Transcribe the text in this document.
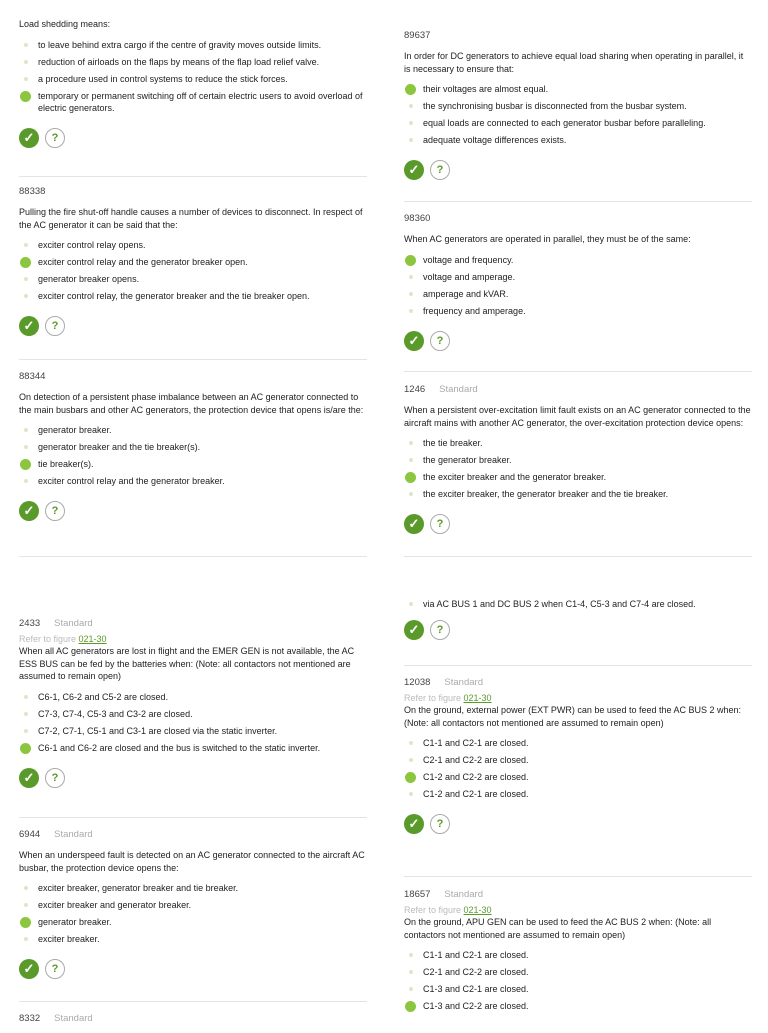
Load shedding means:
to leave behind extra cargo if the centre of gravity moves outside limits.
reduction of airloads on the flaps by means of the flap load relief valve.
a procedure used in control systems to reduce the stick forces.
temporary or permanent switching off of certain electric users to avoid overload of electric generators.
✓	?
88338
Pulling the fire shut-off handle causes a number of devices to disconnect. In respect of the AC generator it can be said that the:
exciter control relay opens.
exciter control relay and the generator breaker open.
generator breaker opens.
exciter control relay, the generator breaker and the tie breaker open.
✓	?
88344
On detection of a persistent phase imbalance between an AC generator connected to the main busbars and other AC generators, the protection device that opens is/are the:
generator breaker.
generator breaker and the tie breaker(s).
tie breaker(s).
exciter control relay and the generator breaker.
✓	?
2433 Standard
Refer to figure 021-30
When all AC generators are lost in flight and the EMER GEN is not available, the AC ESS BUS can be fed by the batteries when: (Note: all contactors not mentioned are assumed to remain open)
C6-1, C6-2 and C5-2 are closed.
C7-3, C7-4, C5-3 and C3-2 are closed.
C7-2, C7-1, C5-1 and C3-1 are closed via the static inverter.
C6-1 and C6-2 are closed and the bus is switched to the static inverter.
✓	?
6944 Standard
When an underspeed fault is detected on an AC generator connected to the aircraft AC busbar, the protection device opens the:
exciter breaker, generator breaker and tie breaker.
exciter breaker and generator breaker.
generator breaker.
exciter breaker.
✓	?
8332 Standard
89637
In order for DC generators to achieve equal load sharing when operating in parallel, it is necessary to ensure that:
their voltages are almost equal.
the synchronising busbar is disconnected from the busbar system.
equal loads are connected to each generator busbar before paralleling.
adequate voltage differences exists.
✓	?
98360
When AC generators are operated in parallel, they must be of the same:
voltage and frequency.
voltage and amperage.
amperage and kVAR.
frequency and amperage.
✓	?
1246 Standard
When a persistent over-excitation limit fault exists on an AC generator connected to the aircraft mains with another AC generator, the over-excitation protection device opens:
the tie breaker.
the generator breaker.
the exciter breaker and the generator breaker.
the exciter breaker, the generator breaker and the tie breaker.
✓	?
via AC BUS 1 and DC BUS 2 when C1-4, C5-3 and C7-4 are closed.
✓	?
12038 Standard
Refer to figure 021-30
On the ground, external power (EXT PWR) can be used to feed the AC BUS 2 when: (Note: all contactors not mentioned are assumed to remain open)
C1-1 and C2-1 are closed.
C2-1 and C2-2 are closed.
C1-2 and C2-2 are closed.
C1-2 and C2-1 are closed.
✓	?
18657 Standard
Refer to figure 021-30
On the ground, APU GEN can be used to feed the AC BUS 2 when: (Note: all contactors not mentioned are assumed to remain open)
C1-1 and C2-1 are closed.
C2-1 and C2-2 are closed.
C1-3 and C2-1 are closed.
C1-3 and C2-2 are closed.
